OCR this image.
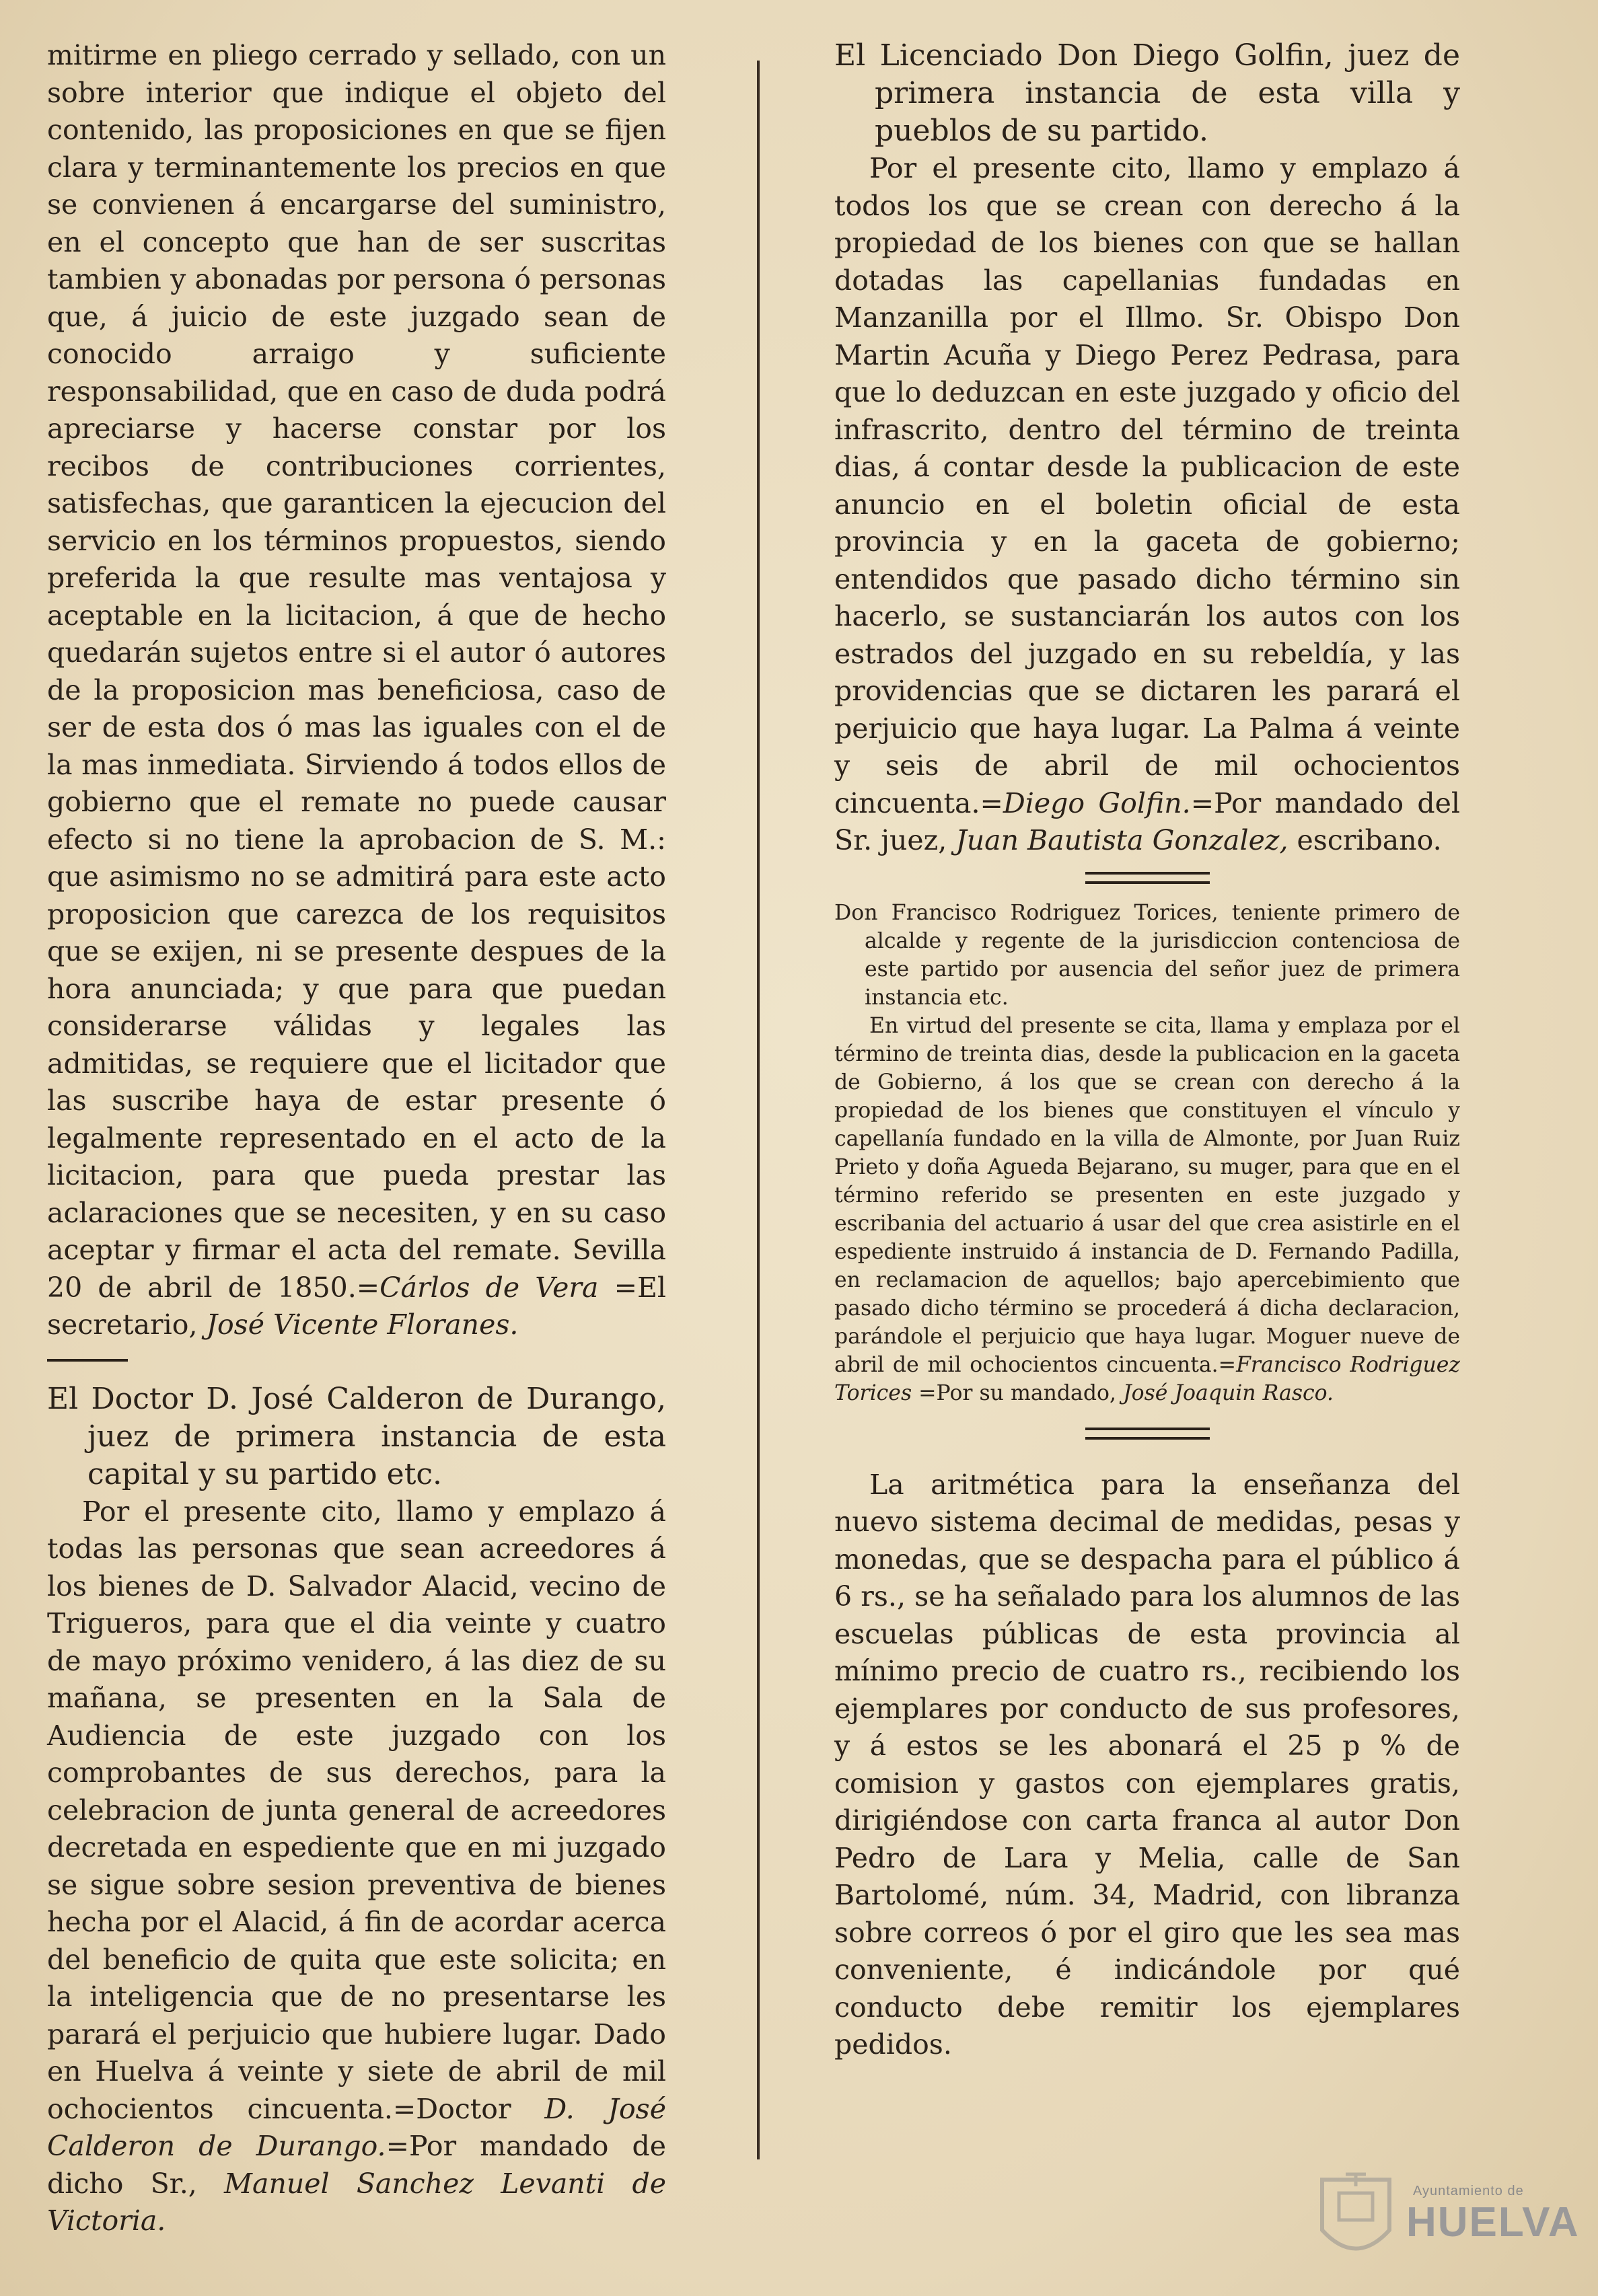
mitirme en pliego cerrado y sellado, con un sobre interior que indique el objeto del contenido, las proposiciones en que se fijen clara y terminantemente los precios en que se convienen á encargarse del suministro, en el concepto que han de ser suscritas tambien y abonadas por persona ó personas que, á juicio de este juzgado sean de conocido arraigo y suficiente responsabilidad, que en caso de duda podrá apreciarse y hacerse constar por los recibos de contribuciones corrientes, satisfechas, que garanticen la ejecucion del servicio en los términos propuestos, siendo preferida la que resulte mas ventajosa y aceptable en la licitacion, á que de hecho quedarán sujetos entre si el autor ó autores de la proposicion mas beneficiosa, caso de ser de esta dos ó mas las iguales con el de la mas inmediata. Sirviendo á todos ellos de gobierno que el remate no puede causar efecto si no tiene la aprobacion de S. M.: que asimismo no se admitirá para este acto proposicion que carezca de los requisitos que se exijen, ni se presente despues de la hora anunciada; y que para que puedan considerarse válidas y legales las admitidas, se requiere que el licitador que las suscribe haya de estar presente ó legalmente representado en el acto de la licitacion, para que pueda prestar las aclaraciones que se necesiten, y en su caso aceptar y firmar el acta del remate. Sevilla 20 de abril de 1850.=Cárlos de Vera =El secretario, José Vicente Floranes.

El Doctor D. José Calderon de Durango, juez de primera instancia de esta capital y su partido etc.

Por el presente cito, llamo y emplazo á todas las personas que sean acreedores á los bienes de D. Salvador Alacid, vecino de Trigueros, para que el dia veinte y cuatro de mayo próximo venidero, á las diez de su mañana, se presenten en la Sala de Audiencia de este juzgado con los comprobantes de sus derechos, para la celebracion de junta general de acreedores decretada en espediente que en mi juzgado se sigue sobre sesion preventiva de bienes hecha por el Alacid, á fin de acordar acerca del beneficio de quita que este solicita; en la inteligencia que de no presentarse les parará el perjuicio que hubiere lugar. Dado en Huelva á veinte y siete de abril de mil ochocientos cincuenta.=Doctor D. José Calderon de Durango.=Por mandado de dicho Sr., Manuel Sanchez Levanti de Victoria.

El Licenciado Don Diego Golfin, juez de primera instancia de esta villa y pueblos de su partido.

Por el presente cito, llamo y emplazo á todos los que se crean con derecho á la propiedad de los bienes con que se hallan dotadas las capellanias fundadas en Manzanilla por el Illmo. Sr. Obispo Don Martin Acuña y Diego Perez Pedrasa, para que lo deduzcan en este juzgado y oficio del infrascrito, dentro del término de treinta dias, á contar desde la publicacion de este anuncio en el boletin oficial de esta provincia y en la gaceta de gobierno; entendidos que pasado dicho término sin hacerlo, se sustanciarán los autos con los estrados del juzgado en su rebeldía, y las providencias que se dictaren les parará el perjuicio que haya lugar. La Palma á veinte y seis de abril de mil ochocientos cincuenta.=Diego Golfin.=Por mandado del Sr. juez, Juan Bautista Gonzalez, escribano.

Don Francisco Rodriguez Torices, teniente primero de alcalde y regente de la jurisdiccion contenciosa de este partido por ausencia del señor juez de primera instancia etc.

En virtud del presente se cita, llama y emplaza por el término de treinta dias, desde la publicacion en la gaceta de Gobierno, á los que se crean con derecho á la propiedad de los bienes que constituyen el vínculo y capellanía fundado en la villa de Almonte, por Juan Ruiz Prieto y doña Agueda Bejarano, su muger, para que en el término referido se presenten en este juzgado y escribania del actuario á usar del que crea asistirle en el espediente instruido á instancia de D. Fernando Padilla, en reclamacion de aquellos; bajo apercebimiento que pasado dicho término se procederá á dicha declaracion, parándole el perjuicio que haya lugar. Moguer nueve de abril de mil ochocientos cincuenta.=Francisco Rodriguez Torices =Por su mandado, José Joaquin Rasco.

La aritmética para la enseñanza del nuevo sistema decimal de medidas, pesas y monedas, que se despacha para el público á 6 rs., se ha señalado para los alumnos de las escuelas públicas de esta provincia al mínimo precio de cuatro rs., recibiendo los ejemplares por conducto de sus profesores, y á estos se les abonará el 25 p % de comision y gastos con ejemplares gratis, dirigiéndose con carta franca al autor Don Pedro de Lara y Melia, calle de San Bartolomé, núm. 34, Madrid, con libranza sobre correos ó por el giro que les sea mas conveniente, é indicándole por qué conducto debe remitir los ejemplares pedidos.

Ayuntamiento de
HUELVA
